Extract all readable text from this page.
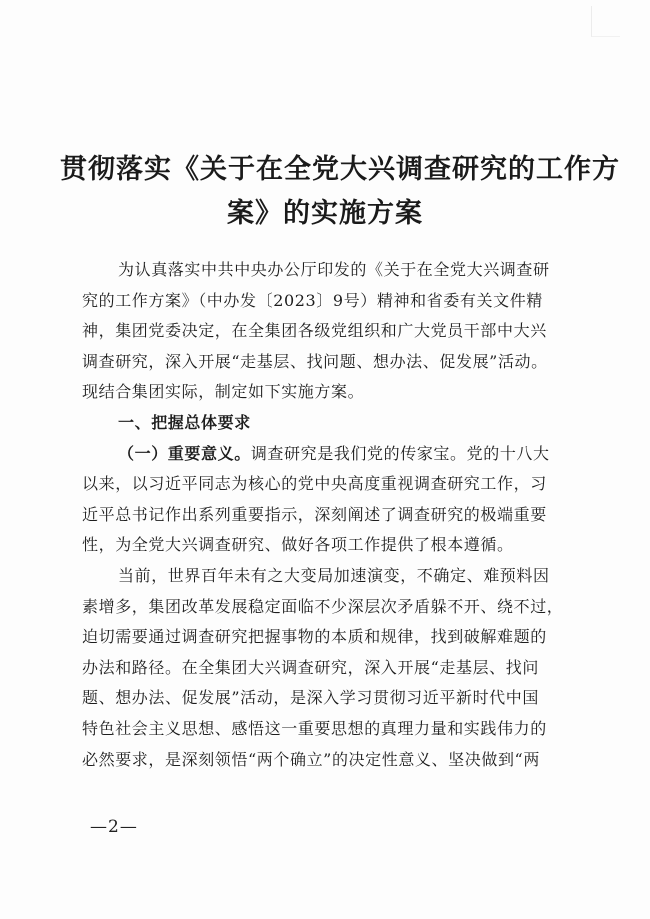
贯彻落实《关于在全党大兴调查研究的工作方
案》的实施方案
为认真落实中共中央办公厅印发的《关于在全党大兴调查研
究的工作方案》（中办发〔2023〕9号）精神和省委有关文件精
神，集团党委决定，在全集团各级党组织和广大党员干部中大兴
调查研究，深入开展“走基层、找问题、想办法、促发展”活动。
现结合集团实际，制定如下实施方案。
一、把握总体要求
（一）重要意义。调查研究是我们党的传家宝。党的十八大
以来，以习近平同志为核心的党中央高度重视调查研究工作，习
近平总书记作出系列重要指示，深刻阐述了调查研究的极端重要
性，为全党大兴调查研究、做好各项工作提供了根本遵循。
当前，世界百年未有之大变局加速演变，不确定、难预料因
素增多，集团改革发展稳定面临不少深层次矛盾躲不开、绕不过，
迫切需要通过调查研究把握事物的本质和规律，找到破解难题的
办法和路径。在全集团大兴调查研究，深入开展“走基层、找问
题、想办法、促发展”活动，是深入学习贯彻习近平新时代中国
特色社会主义思想、感悟这一重要思想的真理力量和实践伟力的
必然要求，是深刻领悟“两个确立”的决定性意义、坚决做到“两
—2—
